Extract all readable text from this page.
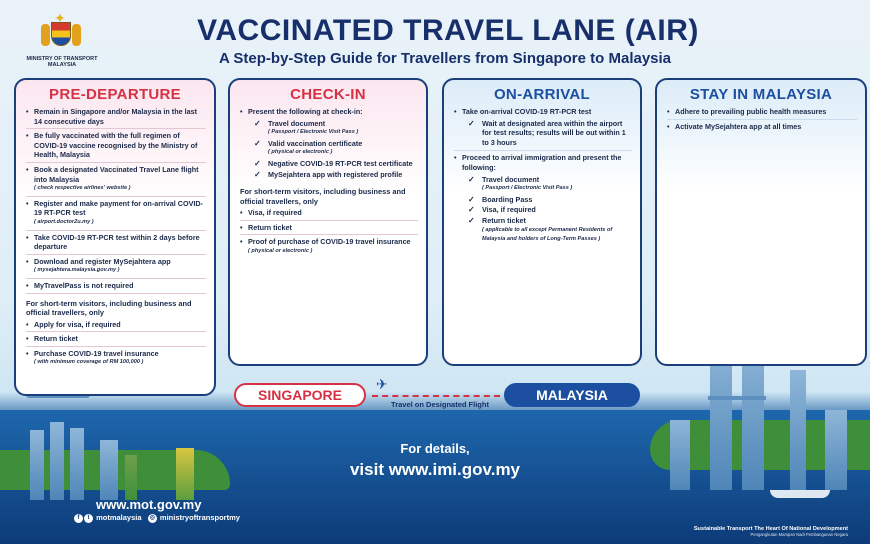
✦
MINISTRY OF TRANSPORT MALAYSIA
VACCINATED TRAVEL LANE (AIR)
A Step-by-Step Guide for Travellers from Singapore to Malaysia
PRE-DEPARTURE
• Remain in Singapore and/or Malaysia in the last 14 consecutive days
• Be fully vaccinated with the full regimen of COVID-19 vaccine recognised by the Ministry of Health, Malaysia
• Book a designated Vaccinated Travel Lane flight into Malaysia
( check respective airlines' website )
• Register and make payment for on-arrival COVID-19 RT-PCR test
( airport.doctor2u.my )
• Take COVID-19 RT-PCR test within 2 days before departure
• Download and register MySejahtera app
( mysejahtera.malaysia.gov.my )
• MyTravelPass is not required
For short-term visitors, including business and official travellers, only
• Apply for visa, if required
• Return ticket
• Purchase COVID-19 travel insurance
( with minimum coverage of RM 100,000 )
CHECK-IN
• Present the following at check-in:
✓ Travel document
( Passport / Electronic Visit Pass )
✓ Valid vaccination certificate
( physical or electronic )
✓ Negative COVID-19 RT-PCR test certificate
✓ MySejahtera app with registered profile
For short-term visitors, including business and official travellers, only
• Visa, if required
• Return ticket
• Proof of purchase of COVID-19 travel insurance
( physical or electronic )
ON-ARRIVAL
• Take on-arrival COVID-19 RT-PCR test
✓ Wait at designated area within the airport for test results; results will be out within 1 to 3 hours
• Proceed to arrival immigration and present the following:
✓ Travel document
( Passport / Electronic Visit Pass )
✓ Boarding Pass
✓ Visa, if required
✓ Return ticket
( applicable to all except Permanent Residents of Malaysia and holders of Long-Term Passes )
STAY IN MALAYSIA
• Adhere to prevailing public health measures
• Activate MySejahtera app at all times
SINGAPORE
✈
Travel on Designated Flight
MALAYSIA
For details,
visit www.imi.gov.my
www.mot.gov.my
f t motmalaysia ◎ ministryoftransportmy
Sustainable Transport The Heart Of National Development
Pengangkutan Mampan Nadi Pembangunan Negara
